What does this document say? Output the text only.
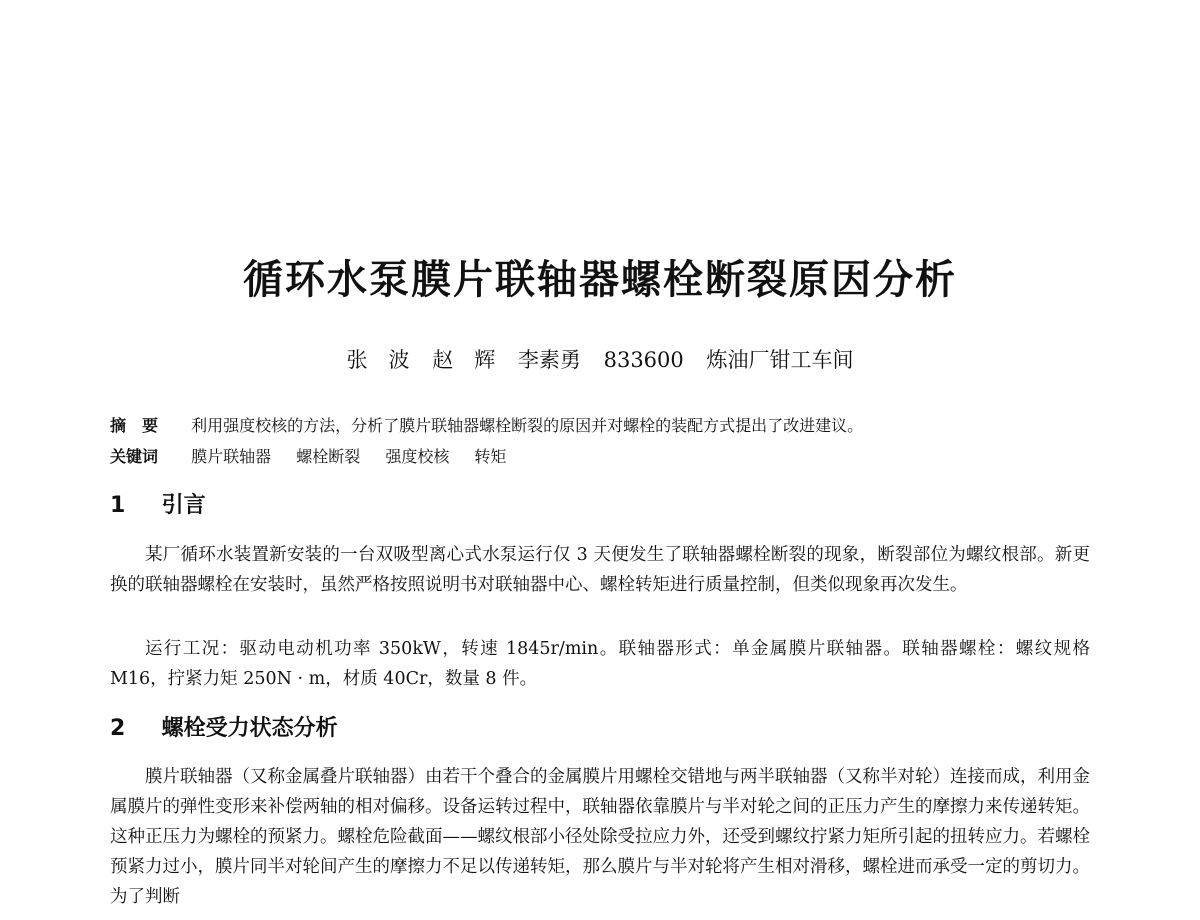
循环水泵膜片联轴器螺栓断裂原因分析

张　波 赵　辉 李素勇 833600 炼油厂钳工车间

摘　要 利用强度校核的方法，分析了膜片联轴器螺栓断裂的原因并对螺栓的装配方式提出了改进建议。
关键词 膜片联轴器 螺栓断裂 强度校核 转矩
1 引言

某厂循环水装置新安装的一台双吸型离心式水泵运行仅 3 天便发生了联轴器螺栓断裂的现象，断裂部位为螺纹根部。新更换的联轴器螺栓在安装时，虽然严格按照说明书对联轴器中心、螺栓转矩进行质量控制，但类似现象再次发生。

运行工况：驱动电动机功率 350kW，转速 1845r/min。联轴器形式：单金属膜片联轴器。联轴器螺栓：螺纹规格 M16，拧紧力矩 250N · m，材质 40Cr，数量 8 件。

2 螺栓受力状态分析

膜片联轴器（又称金属叠片联轴器）由若干个叠合的金属膜片用螺栓交错地与两半联轴器（又称半对轮）连接而成，利用金属膜片的弹性变形来补偿两轴的相对偏移。设备运转过程中，联轴器依靠膜片与半对轮之间的正压力产生的摩擦力来传递转矩。这种正压力为螺栓的预紧力。螺栓危险截面——螺纹根部小径处除受拉应力外，还受到螺纹拧紧力矩所引起的扭转应力。若螺栓预紧力过小，膜片同半对轮间产生的摩擦力不足以传递转矩，那么膜片与半对轮将产生相对滑移，螺栓进而承受一定的剪切力。为了判断
